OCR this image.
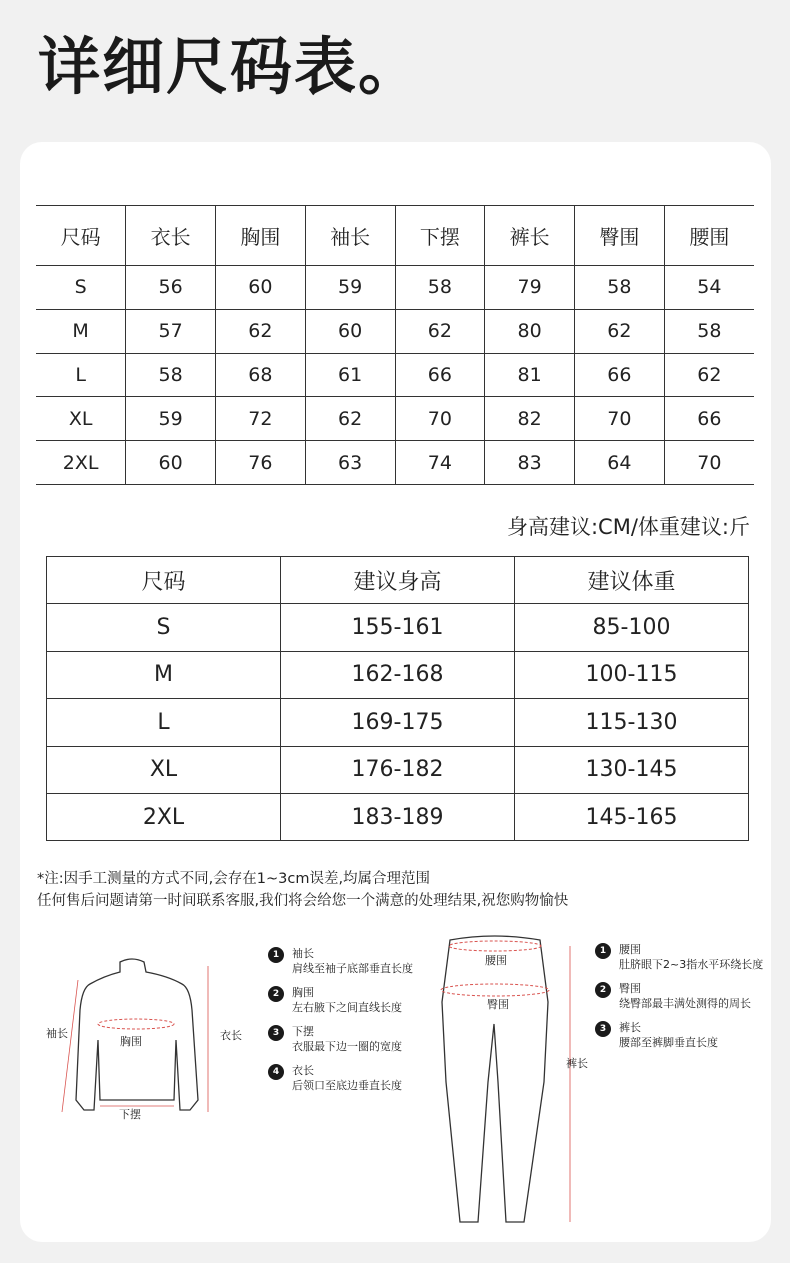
详细尺码表。
尺码	衣长	胸围	袖长	下摆	裤长	臀围	腰围
S	56	60	59	58	79	58	54
M	57	62	60	62	80	62	58
L	58	68	61	66	81	66	62
XL	59	72	62	70	82	70	66
2XL	60	76	63	74	83	64	70
身高建议:CM/体重建议:斤
尺码	建议身高	建议体重
S	155-161	85-100
M	162-168	100-115
L	169-175	115-130
XL	176-182	130-145
2XL	183-189	145-165
*注:因手工测量的方式不同,会存在1~3cm误差,均属合理范围
任何售后问题请第一时间联系客服,我们将会给您一个满意的处理结果,祝您购物愉快
袖长
胸围	衣长
下摆
1	袖长
肩线至袖子底部垂直长度
2	胸围
左右腋下之间直线长度
3	下摆
衣服最下边一圈的宽度
4	衣长
后领口至底边垂直长度
腰围
臀围
裤长
1	腰围
肚脐眼下2~3指水平环绕长度
2	臀围
绕臀部最丰满处测得的周长
3	裤长
腰部至裤脚垂直长度
